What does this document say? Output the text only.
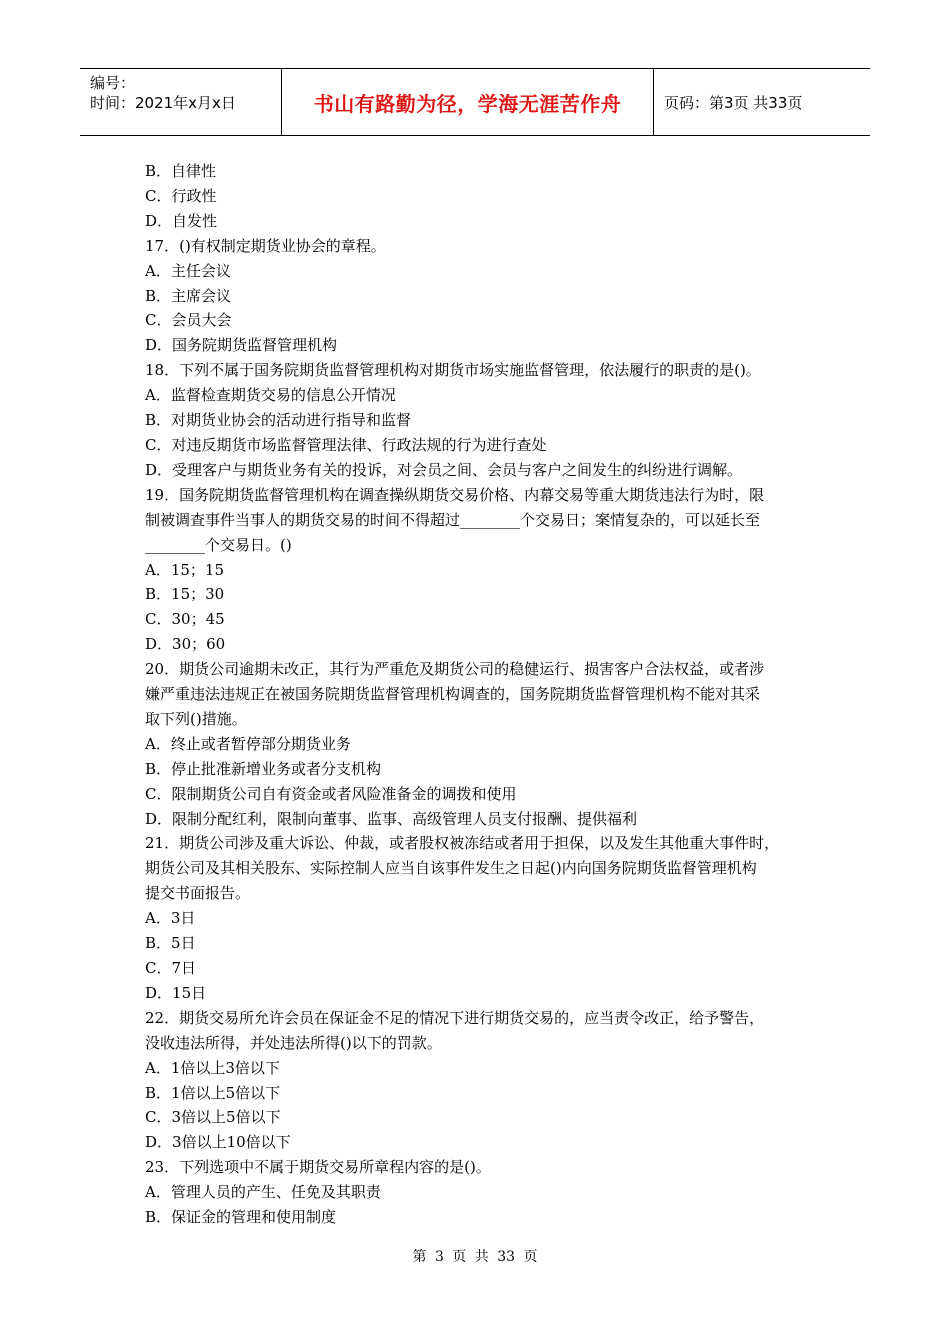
编号：
时间：2021年x月x日	书山有路勤为径，学海无涯苦作舟	页码：第3页 共33页

B．自律性

C．行政性

D．自发性

17．()有权制定期货业协会的章程。

A．主任会议

B．主席会议

C．会员大会

D．国务院期货监督管理机构

18．下列不属于国务院期货监督管理机构对期货市场实施监督管理，依法履行的职责的是()。

A．监督检查期货交易的信息公开情况

B．对期货业协会的活动进行指导和监督

C．对违反期货市场监督管理法律、行政法规的行为进行查处

D．受理客户与期货业务有关的投诉，对会员之间、会员与客户之间发生的纠纷进行调解。

19．国务院期货监督管理机构在调查操纵期货交易价格、内幕交易等重大期货违法行为时，限

制被调查事件当事人的期货交易的时间不得超过________个交易日；案情复杂的，可以延长至

________个交易日。()

A．15；15

B．15；30

C．30；45

D．30；60

20．期货公司逾期未改正，其行为严重危及期货公司的稳健运行、损害客户合法权益，或者涉

嫌严重违法违规正在被国务院期货监督管理机构调查的，国务院期货监督管理机构不能对其采

取下列()措施。

A．终止或者暂停部分期货业务

B．停止批准新增业务或者分支机构

C．限制期货公司自有资金或者风险准备金的调拨和使用

D．限制分配红利，限制向董事、监事、高级管理人员支付报酬、提供福利

21．期货公司涉及重大诉讼、仲裁，或者股权被冻结或者用于担保，以及发生其他重大事件时，

期货公司及其相关股东、实际控制人应当自该事件发生之日起()内向国务院期货监督管理机构

提交书面报告。

A．3日

B．5日

C．7日

D．15日

22．期货交易所允许会员在保证金不足的情况下进行期货交易的，应当责令改正，给予警告，

没收违法所得，并处违法所得()以下的罚款。

A．1倍以上3倍以下

B．1倍以上5倍以下

C．3倍以上5倍以下

D．3倍以上10倍以下

23．下列选项中不属于期货交易所章程内容的是()。

A．管理人员的产生、任免及其职责

B．保证金的管理和使用制度

第 3 页 共 33 页
